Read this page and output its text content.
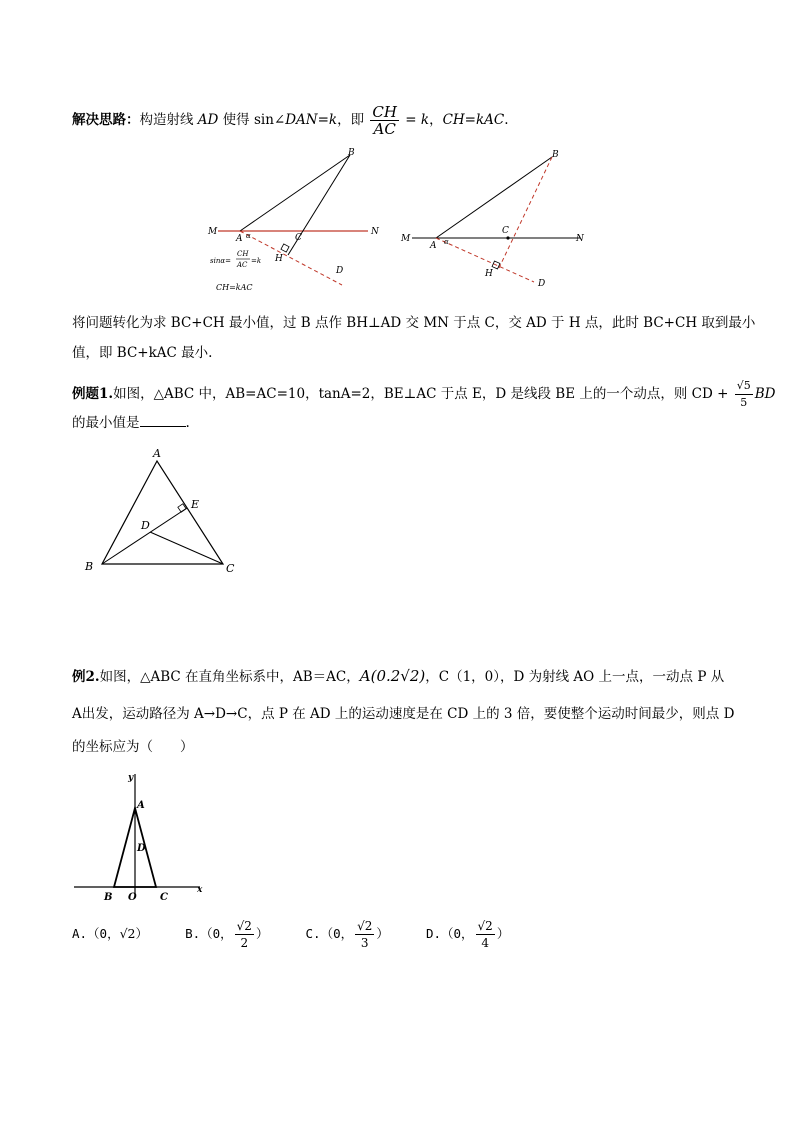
解决思路：构造射线 AD 使得 sin∠DAN=k，即 $\frac{CH}{AC} = k$，CH=kAC.
M	N
A α
B
C
H
D
sinα=
CH
AC =k
CH=kAC
M	N
A α
B
C
H
D
将问题转化为求 BC+CH 最小值，过 B 点作 BH⊥AD 交 MN 于点 C，交 AD 于 H 点，此时 BC+CH 取到最小
值，即 BC+kAC 最小.
例题1.如图，△ABC 中，AB=AC=10，tanA=2，BE⊥AC 于点 E，D 是线段 BE 上的一个动点，则 CD + $\frac{√5}{5}$ BD
的最小值是	.
A
B	C
D
E
例2.如图，△ABC 在直角坐标系中，AB＝AC，A(0.2√2)，C（1，0），D 为射线 AO 上一点，一动点 P 从
A出发，运动路径为 A→D→C，点 P 在 AD 上的运动速度是在 CD 上的 3 倍，要使整个运动时间最少，则点 D
的坐标应为（　　）
y
x
A
D
B O C
A.（0，√2）	B.（0， $\frac{√2}{2}$ ）	C.（0， $\frac{√2}{3}$ ）	D.（0， $\frac{√2}{4}$ ）
